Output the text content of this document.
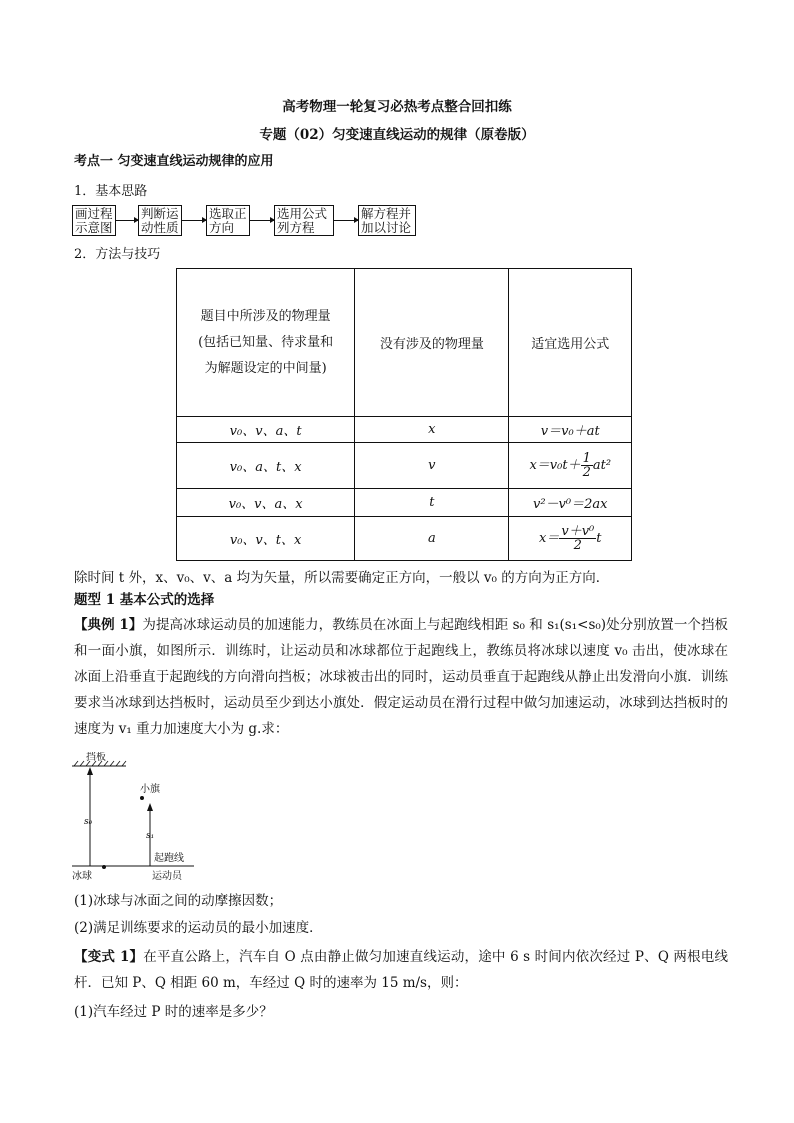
高考物理一轮复习必热考点整合回扣练
专题（02）匀变速直线运动的规律（原卷版）
考点一 匀变速直线运动规律的应用
1．基本思路
画过程
示意图
判断运
动性质
选取正
方向
选用公式
列方程
解方程并
加以讨论
2．方法与技巧
题目中所涉及的物理量
(包括已知量、待求量和
为解题设定的中间量)	没有涉及的物理量	适宜选用公式
v₀、v、a、t	x	v＝v₀＋at
v₀、a、t、x	v	$x=v_0t+ \frac{1}{2} at^2$
v₀、v、a、x	t	v²－v⁰＝2ax
v₀、v、t、x	a	$x= \frac{\text{v＋v⁰}}{2}$ t
除时间 t 外，x、v₀、v、a 均为矢量，所以需要确定正方向，一般以 v₀ 的方向为正方向．
题型 1 基本公式的选择
【典例 1】为提高冰球运动员的加速能力，教练员在冰面上与起跑线相距 s₀ 和 s₁(s₁<s₀)处分别放置一个挡板和一面小旗，如图所示．训练时，让运动员和冰球都位于起跑线上，教练员将冰球以速度 v₀ 击出，使冰球在冰面上沿垂直于起跑线的方向滑向挡板；冰球被击出的同时，运动员垂直于起跑线从静止出发滑向小旗．训练要求当冰球到达挡板时，运动员至少到达小旗处．假定运动员在滑行过程中做匀加速运动，冰球到达挡板时的速度为 v₁ 重力加速度大小为 g.求：
挡板
s₀
小旗
s₁
起跑线
冰球	运动员
(1)冰球与冰面之间的动摩擦因数；
(2)满足训练要求的运动员的最小加速度．
【变式 1】在平直公路上，汽车自 O 点由静止做匀加速直线运动，途中 6 s 时间内依次经过 P、Q 两根电线杆．已知 P、Q 相距 60 m，车经过 Q 时的速率为 15 m/s，则：
(1)汽车经过 P 时的速率是多少？
